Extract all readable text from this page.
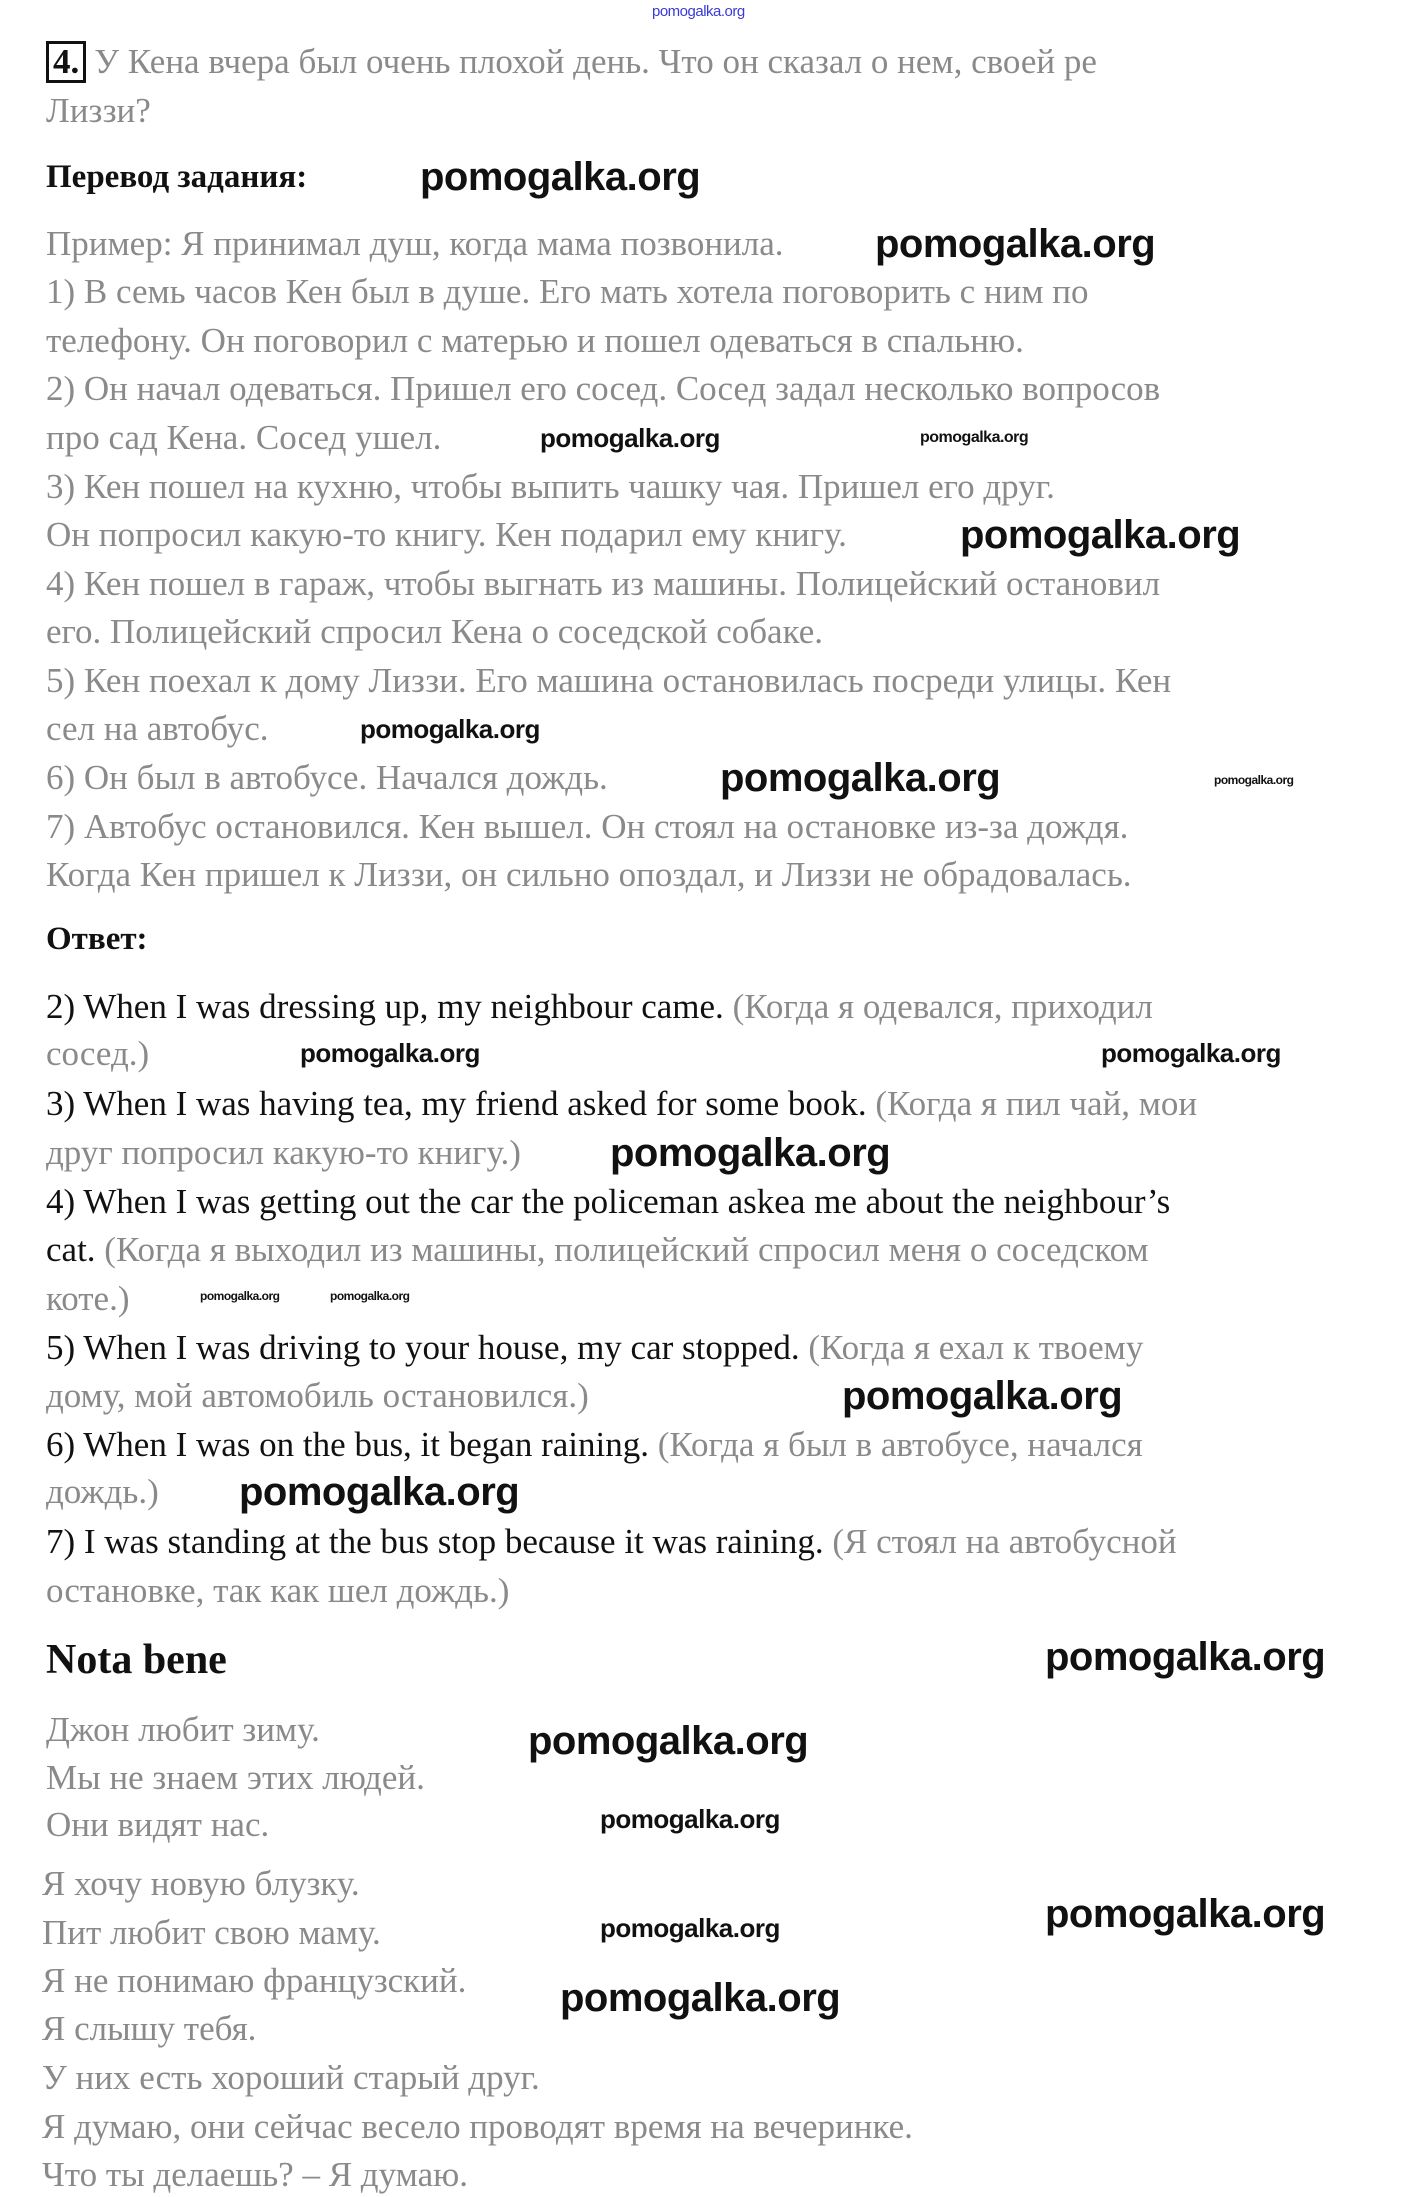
4. У Кена вчера был очень плохой день. Что он сказал о нем, своей ре
Лиззи?
Перевод задания:
Пример: Я принимал душ, когда мама позвонила.
1) В семь часов Кен был в душе. Его мать хотела поговорить с ним по
телефону. Он поговорил с матерью и пошел одеваться в спальню.
2) Он начал одеваться. Пришел его сосед. Сосед задал несколько вопросов
про сад Кена. Сосед ушел.
3) Кен пошел на кухню, чтобы выпить чашку чая. Пришел его друг.
Он попросил какую-то книгу. Кен подарил ему книгу.
4) Кен пошел в гараж, чтобы выгнать из машины. Полицейский остановил
его. Полицейский спросил Кена о соседской собаке.
5) Кен поехал к дому Лиззи. Его машина остановилась посреди улицы. Кен
сел на автобус.
6) Он был в автобусе. Начался дождь.
7) Автобус остановился. Кен вышел. Он стоял на остановке из-за дождя.
Когда Кен пришел к Лиззи, он сильно опоздал, и Лиззи не обрадовалась.
Ответ:
2) When I was dressing up, my neighbour came. (Когда я одевался, приходил
сосед.)
3) When I was having tea, my friend asked for some book. (Когда я пил чай, мои
друг попросил какую-то книгу.)
4) When I was getting out the car the policeman askea me about the neighbour’s
cat. (Когда я выходил из машины, полицейский спросил меня о соседском
коте.)
5) When I was driving to your house, my car stopped. (Когда я ехал к твоему
дому, мой автомобиль остановился.)
6) When I was on the bus, it began raining. (Когда я был в автобусе, начался
дождь.)
7) I was standing at the bus stop because it was raining. (Я стоял на автобусной
остановке, так как шел дождь.)
Nota bene
Джон любит зиму.
Мы не знаем этих людей.
Они видят нас.
Я хочу новую блузку.
Пит любит свою маму.
Я не понимаю французский.
Я слышу тебя.
У них есть хороший старый друг.
Я думаю, они сейчас весело проводят время на вечеринке.
Что ты делаешь? – Я думаю.
pomogalka.org
pomogalka.org
pomogalka.org
pomogalka.org	pomogalka.org
pomogalka.org
pomogalka.org	pomogalka.org
pomogalka.org
pomogalka.org
pomogalka.org
pomogalka.org
pomogalka.org	pomogalka.org
pomogalka.org
pomogalka.org
pomogalka.org
pomogalka.org
pomogalka.org
pomogalka.org
pomogalka.org
pomogalka.org
